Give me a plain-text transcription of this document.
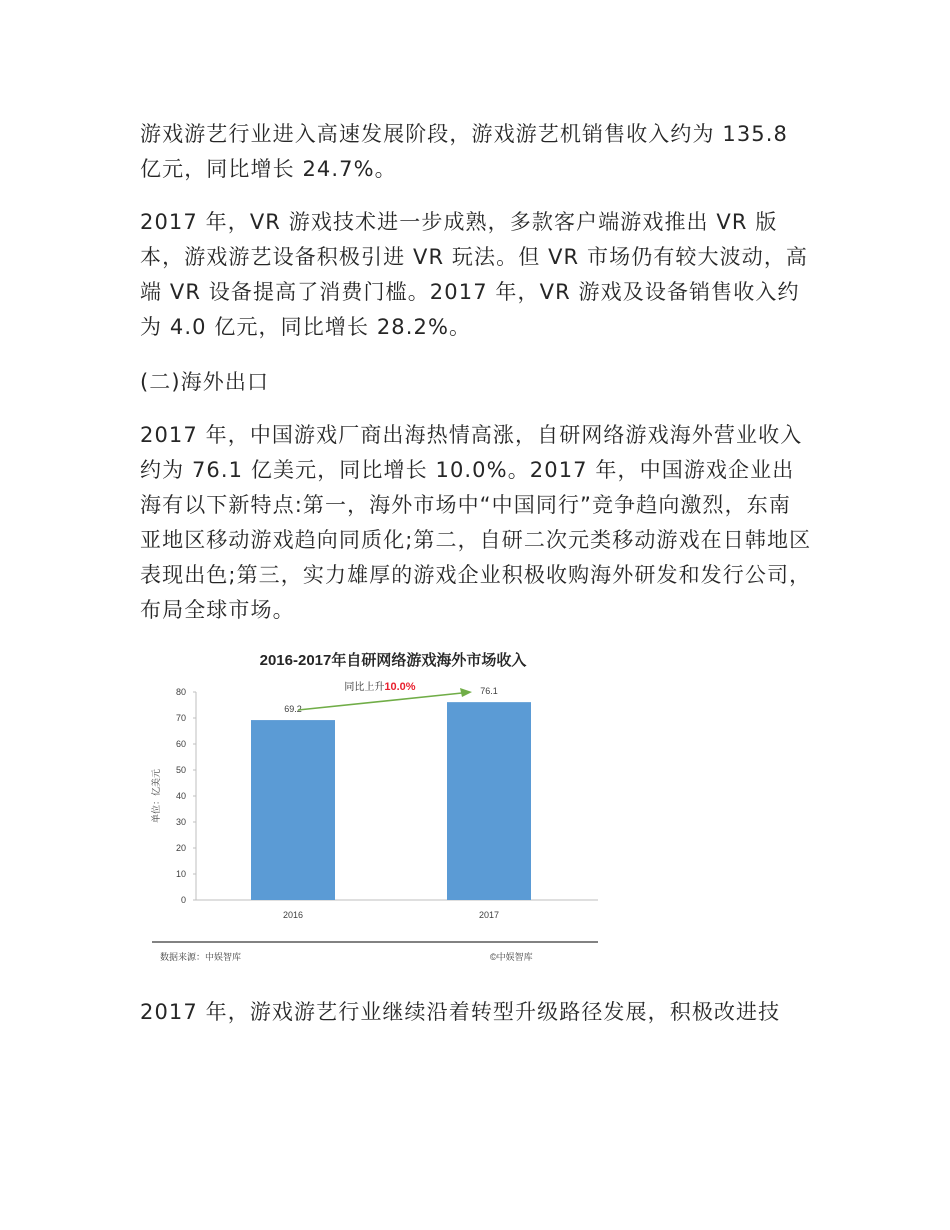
游戏游艺行业进入高速发展阶段，游戏游艺机销售收入约为 135.8 亿元，同比增长 24.7%。

2017 年，VR 游戏技术进一步成熟，多款客户端游戏推出 VR 版本，游戏游艺设备积极引进 VR 玩法。但 VR 市场仍有较大波动，高端 VR 设备提高了消费门槛。2017 年，VR 游戏及设备销售收入约为 4.0 亿元，同比增长 28.2%。

(二)海外出口

2017 年，中国游戏厂商出海热情高涨，自研网络游戏海外营业收入约为 76.1 亿美元，同比增长 10.0%。2017 年，中国游戏企业出海有以下新特点:第一，海外市场中“中国同行”竞争趋向激烈，东南亚地区移动游戏趋向同质化;第二，自研二次元类移动游戏在日韩地区表现出色;第三，实力雄厚的游戏企业积极收购海外研发和发行公司，布局全球市场。

2016-2017年自研网络游戏海外市场收入
0
10
20
30
40
50
60
70
80
单位：亿美元
69.2
76.1
2016	2017
同比上升10.0%
数据来源：中娱智库	©中娱智库

2017 年，游戏游艺行业继续沿着转型升级路径发展，积极改进技
